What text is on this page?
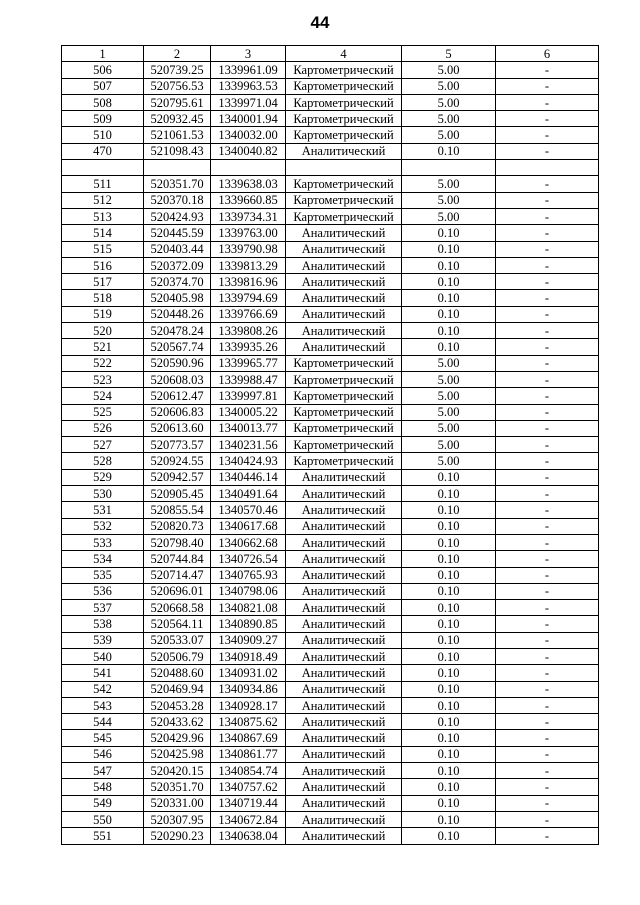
44
1	2	3	4	5	6
506	520739.25	1339961.09	Картометрический	5.00	-
507	520756.53	1339963.53	Картометрический	5.00	-
508	520795.61	1339971.04	Картометрический	5.00	-
509	520932.45	1340001.94	Картометрический	5.00	-
510	521061.53	1340032.00	Картометрический	5.00	-
470	521098.43	1340040.82	Аналитический	0.10	-

511	520351.70	1339638.03	Картометрический	5.00	-
512	520370.18	1339660.85	Картометрический	5.00	-
513	520424.93	1339734.31	Картометрический	5.00	-
514	520445.59	1339763.00	Аналитический	0.10	-
515	520403.44	1339790.98	Аналитический	0.10	-
516	520372.09	1339813.29	Аналитический	0.10	-
517	520374.70	1339816.96	Аналитический	0.10	-
518	520405.98	1339794.69	Аналитический	0.10	-
519	520448.26	1339766.69	Аналитический	0.10	-
520	520478.24	1339808.26	Аналитический	0.10	-
521	520567.74	1339935.26	Аналитический	0.10	-
522	520590.96	1339965.77	Картометрический	5.00	-
523	520608.03	1339988.47	Картометрический	5.00	-
524	520612.47	1339997.81	Картометрический	5.00	-
525	520606.83	1340005.22	Картометрический	5.00	-
526	520613.60	1340013.77	Картометрический	5.00	-
527	520773.57	1340231.56	Картометрический	5.00	-
528	520924.55	1340424.93	Картометрический	5.00	-
529	520942.57	1340446.14	Аналитический	0.10	-
530	520905.45	1340491.64	Аналитический	0.10	-
531	520855.54	1340570.46	Аналитический	0.10	-
532	520820.73	1340617.68	Аналитический	0.10	-
533	520798.40	1340662.68	Аналитический	0.10	-
534	520744.84	1340726.54	Аналитический	0.10	-
535	520714.47	1340765.93	Аналитический	0.10	-
536	520696.01	1340798.06	Аналитический	0.10	-
537	520668.58	1340821.08	Аналитический	0.10	-
538	520564.11	1340890.85	Аналитический	0.10	-
539	520533.07	1340909.27	Аналитический	0.10	-
540	520506.79	1340918.49	Аналитический	0.10	-
541	520488.60	1340931.02	Аналитический	0.10	-
542	520469.94	1340934.86	Аналитический	0.10	-
543	520453.28	1340928.17	Аналитический	0.10	-
544	520433.62	1340875.62	Аналитический	0.10	-
545	520429.96	1340867.69	Аналитический	0.10	-
546	520425.98	1340861.77	Аналитический	0.10	-
547	520420.15	1340854.74	Аналитический	0.10	-
548	520351.70	1340757.62	Аналитический	0.10	-
549	520331.00	1340719.44	Аналитический	0.10	-
550	520307.95	1340672.84	Аналитический	0.10	-
551	520290.23	1340638.04	Аналитический	0.10	-
